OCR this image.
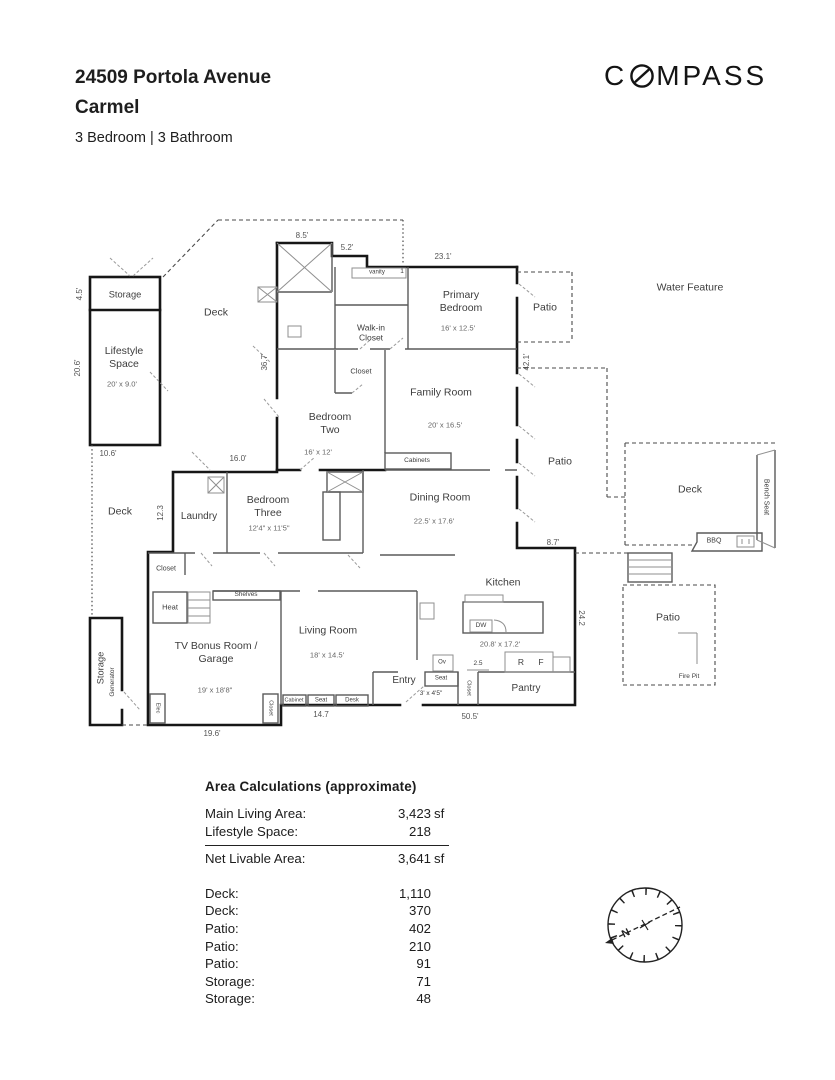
24509 Portola Avenue
Carmel
3 Bedroom | 3 Bathroom
C MPASS
N
Storage
Lifestyle Space
20' x 9.0'
Deck
Deck
Deck
Primary Bedroom
16' x 12.5'
Patio
Patio
Patio
Water Feature
Walk-in Closet
vanity 1
Closet
Family Room
20' x 16.5'
Bedroom Two
16' x 12'
Cabinets
Laundry
Bedroom Three
12'4" x 11'5"
Dining Room
22.5' x 17.6'
Bench Seat
BBQ
Fire Pit
Kitchen
20.8' x 17.2'
DW
Ov	R F
Pantry
Entry
3' x 4'5"
Seat
Closet
Living Room
18' x 14.5'
Shelves
Heat
Closet
Cabinet Seat	Desk
TV Bonus Room / Garage
19' x 18'8"
Storage Generator
Elec	Closet
8.5'
5.2'
23.1'
4.5'
20.6'	36.7'
10.6'
16.0'
12.3
42.1'
8.7'
24.2
14.7
19.6'
50.5'
2.5
Area Calculations (approximate)
Main Living Area:	3,423 sf
Lifestyle Space:	218
Net Livable Area:	3,641 sf
Deck:	1,110
Deck:	370
Patio:	402
Patio:	210
Patio:	91
Storage:	71
Storage:	48
